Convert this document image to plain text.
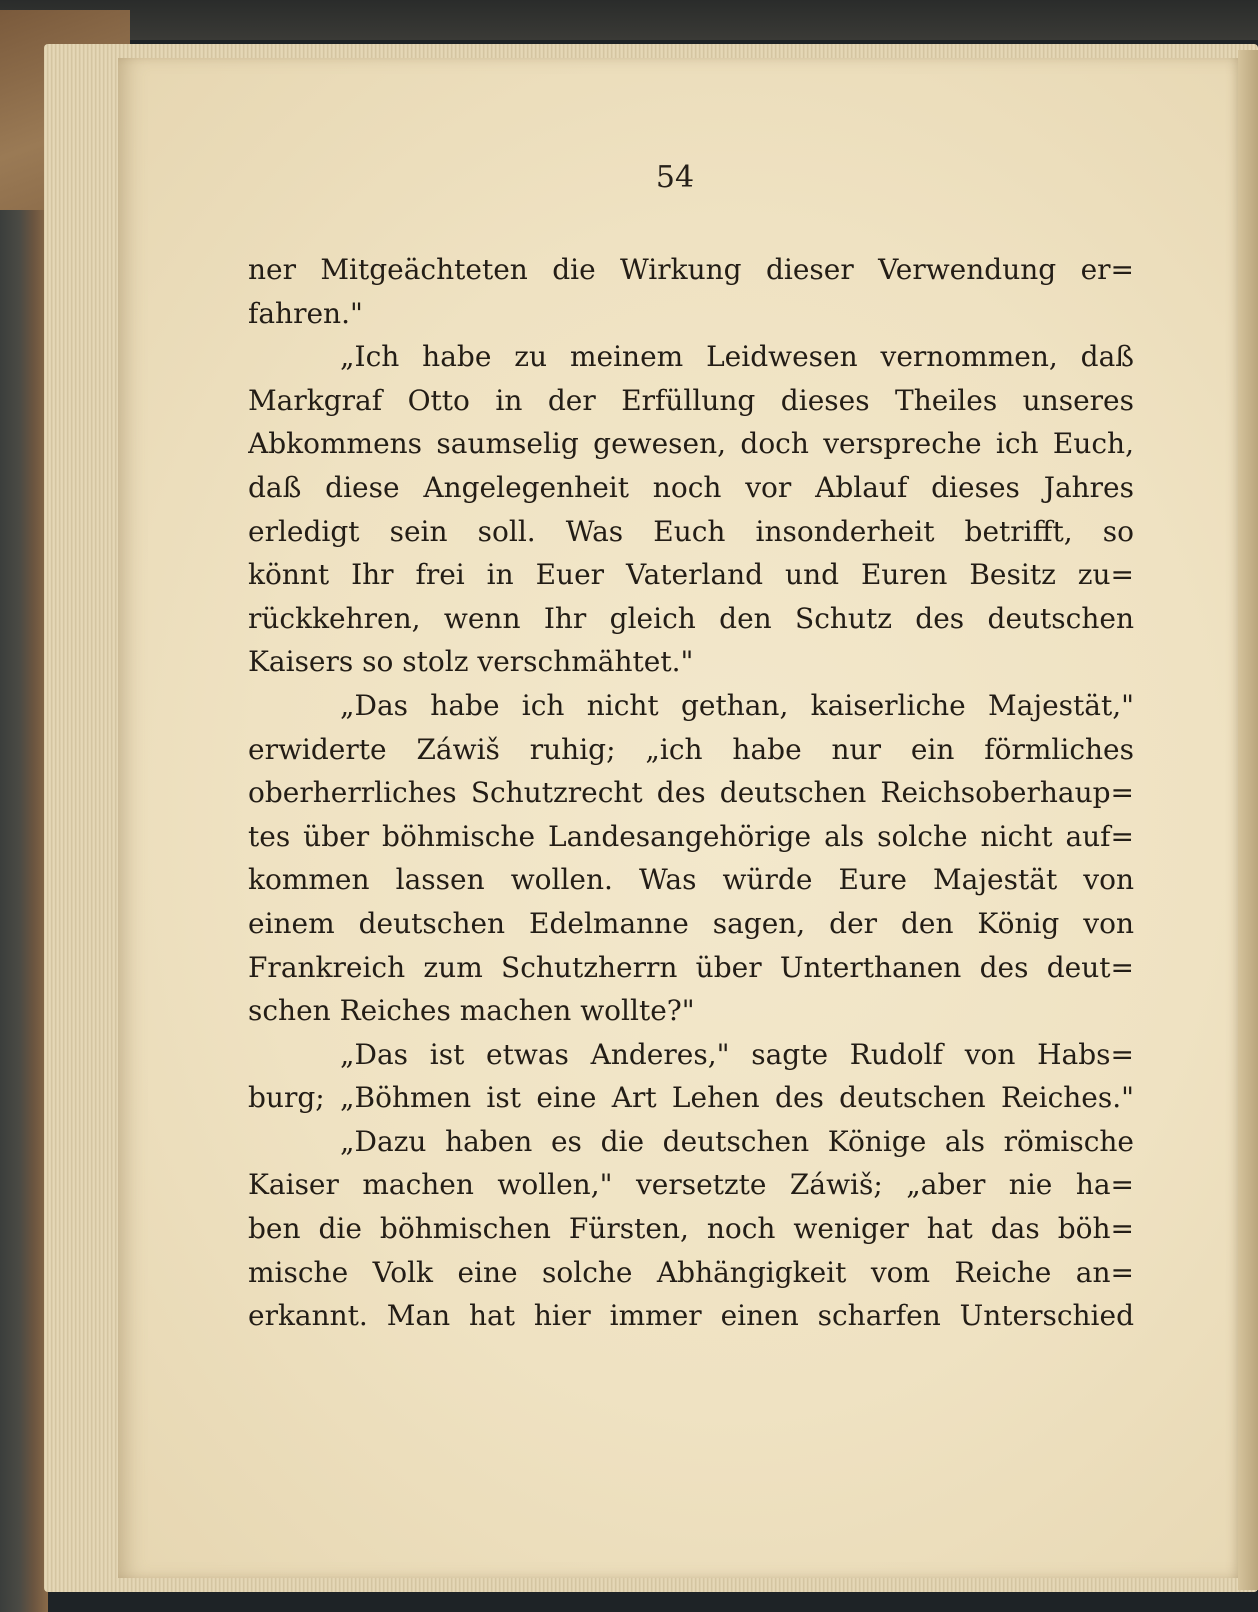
54
ner Mitgeächteten die Wirkung dieser Verwendung er=
fahren."
„Ich habe zu meinem Leidwesen vernommen, daß
Markgraf Otto in der Erfüllung dieses Theiles unseres
Abkommens saumselig gewesen, doch verspreche ich Euch,
daß diese Angelegenheit noch vor Ablauf dieses Jahres
erledigt sein soll. Was Euch insonderheit betrifft, so
könnt Ihr frei in Euer Vaterland und Euren Besitz zu=
rückkehren, wenn Ihr gleich den Schutz des deutschen
Kaisers so stolz verschmähtet."
„Das habe ich nicht gethan, kaiserliche Majestät,"
erwiderte Záwiš ruhig; „ich habe nur ein förmliches
oberherrliches Schutzrecht des deutschen Reichsoberhaup=
tes über böhmische Landesangehörige als solche nicht auf=
kommen lassen wollen. Was würde Eure Majestät von
einem deutschen Edelmanne sagen, der den König von
Frankreich zum Schutzherrn über Unterthanen des deut=
schen Reiches machen wollte?"
„Das ist etwas Anderes," sagte Rudolf von Habs=
burg; „Böhmen ist eine Art Lehen des deutschen Reiches."
„Dazu haben es die deutschen Könige als römische
Kaiser machen wollen," versetzte Záwiš; „aber nie ha=
ben die böhmischen Fürsten, noch weniger hat das böh=
mische Volk eine solche Abhängigkeit vom Reiche an=
erkannt. Man hat hier immer einen scharfen Unterschied
